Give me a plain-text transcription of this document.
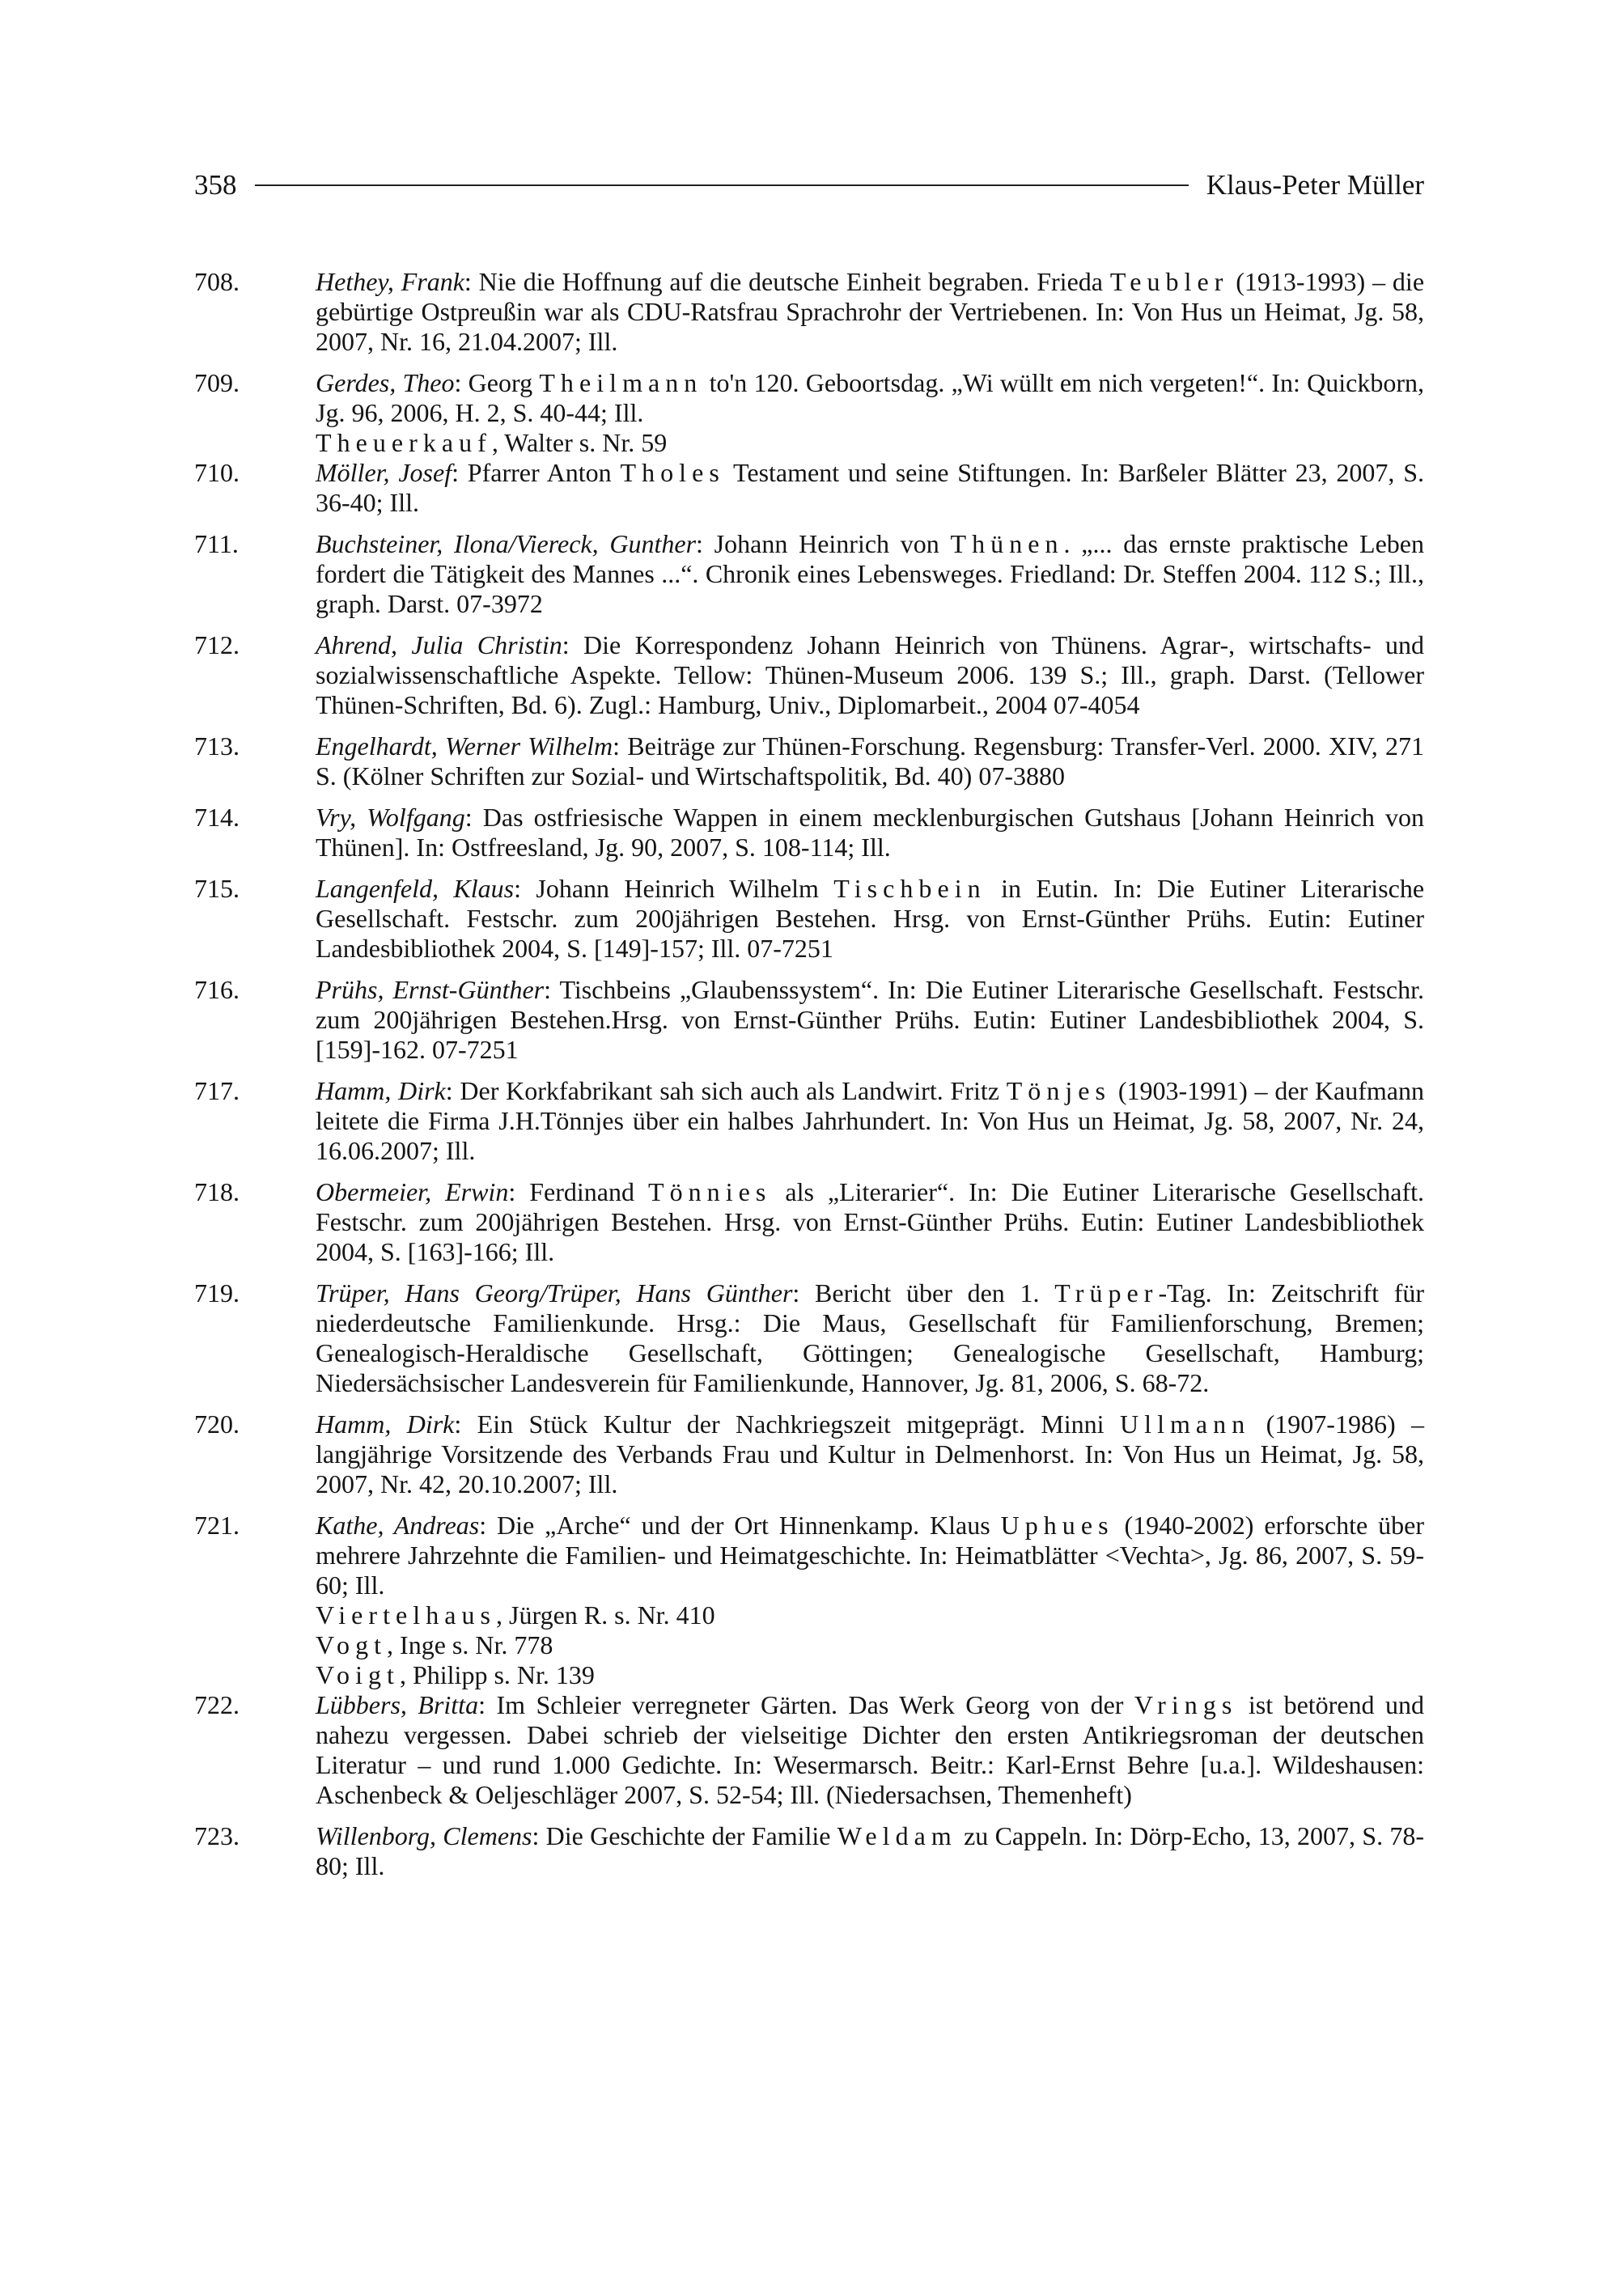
358	Klaus-Peter Müller
708.	Hethey, Frank: Nie die Hoffnung auf die deutsche Einheit begraben. Frieda Teubler (1913-1993) – die gebürtige Ostpreußin war als CDU-Ratsfrau Sprachrohr der Vertriebenen. In: Von Hus un Heimat, Jg. 58, 2007, Nr. 16, 21.04.2007; Ill.
709.	Gerdes, Theo: Georg Theilmann to'n 120. Geboortsdag. „Wi wüllt em nich vergeten!“. In: Quickborn, Jg. 96, 2006, H. 2, S. 40-44; Ill.
Theuerkauf, Walter s. Nr. 59
710.	Möller, Josef: Pfarrer Anton Tholes Testament und seine Stiftungen. In: Barßeler Blätter 23, 2007, S. 36-40; Ill.
711.	Buchsteiner, Ilona/Viereck, Gunther: Johann Heinrich von Thünen. „... das ernste praktische Leben fordert die Tätigkeit des Mannes ...“. Chronik eines Lebensweges. Friedland: Dr. Steffen 2004. 112 S.; Ill., graph. Darst. 07-3972
712.	Ahrend, Julia Christin: Die Korrespondenz Johann Heinrich von Thünens. Agrar-, wirtschafts- und sozialwissenschaftliche Aspekte. Tellow: Thünen-Museum 2006. 139 S.; Ill., graph. Darst. (Tellower Thünen-Schriften, Bd. 6). Zugl.: Hamburg, Univ., Diplomarbeit., 2004 07-4054
713.	Engelhardt, Werner Wilhelm: Beiträge zur Thünen-Forschung. Regensburg: Transfer-Verl. 2000. XIV, 271 S. (Kölner Schriften zur Sozial- und Wirtschaftspolitik, Bd. 40) 07-3880
714.	Vry, Wolfgang: Das ostfriesische Wappen in einem mecklenburgischen Gutshaus [Johann Heinrich von Thünen]. In: Ostfreesland, Jg. 90, 2007, S. 108-114; Ill.
715.	Langenfeld, Klaus: Johann Heinrich Wilhelm Tischbein in Eutin. In: Die Eutiner Literarische Gesellschaft. Festschr. zum 200jährigen Bestehen. Hrsg. von Ernst-Günther Prühs. Eutin: Eutiner Landesbibliothek 2004, S. [149]-157; Ill. 07-7251
716.	Prühs, Ernst-Günther: Tischbeins „Glaubenssystem“. In: Die Eutiner Literarische Gesellschaft. Festschr. zum 200jährigen Bestehen.Hrsg. von Ernst-Günther Prühs. Eutin: Eutiner Landesbibliothek 2004, S. [159]-162. 07-7251
717.	Hamm, Dirk: Der Korkfabrikant sah sich auch als Landwirt. Fritz Tönjes (1903-1991) – der Kaufmann leitete die Firma J.H.Tönnjes über ein halbes Jahrhundert. In: Von Hus un Heimat, Jg. 58, 2007, Nr. 24, 16.06.2007; Ill.
718.	Obermeier, Erwin: Ferdinand Tönnies als „Literarier“. In: Die Eutiner Literarische Gesellschaft. Festschr. zum 200jährigen Bestehen. Hrsg. von Ernst-Günther Prühs. Eutin: Eutiner Landesbibliothek 2004, S. [163]-166; Ill.
719.	Trüper, Hans Georg/Trüper, Hans Günther: Bericht über den 1. Trüper-Tag. In: Zeitschrift für niederdeutsche Familienkunde. Hrsg.: Die Maus, Gesellschaft für Familienforschung, Bremen; Genealogisch-Heraldische Gesellschaft, Göttingen; Genealogische Gesellschaft, Hamburg; Niedersächsischer Landesverein für Familienkunde, Hannover, Jg. 81, 2006, S. 68-72.
720.	Hamm, Dirk: Ein Stück Kultur der Nachkriegszeit mitgeprägt. Minni Ullmann (1907-1986) – langjährige Vorsitzende des Verbands Frau und Kultur in Delmenhorst. In: Von Hus un Heimat, Jg. 58, 2007, Nr. 42, 20.10.2007; Ill.
721.	Kathe, Andreas: Die „Arche“ und der Ort Hinnenkamp. Klaus Uphues (1940-2002) erforschte über mehrere Jahrzehnte die Familien- und Heimatgeschichte. In: Heimatblätter <Vechta>, Jg. 86, 2007, S. 59-60; Ill.
Viertelhaus, Jürgen R. s. Nr. 410
Vogt, Inge s. Nr. 778
Voigt, Philipp s. Nr. 139
722.	Lübbers, Britta: Im Schleier verregneter Gärten. Das Werk Georg von der Vrings ist betörend und nahezu vergessen. Dabei schrieb der vielseitige Dichter den ersten Antikriegsroman der deutschen Literatur – und rund 1.000 Gedichte. In: Wesermarsch. Beitr.: Karl-Ernst Behre [u.a.]. Wildeshausen: Aschenbeck & Oeljeschläger 2007, S. 52-54; Ill. (Niedersachsen, Themenheft)
723.	Willenborg, Clemens: Die Geschichte der Familie Weldam zu Cappeln. In: Dörp-Echo, 13, 2007, S. 78-80; Ill.
